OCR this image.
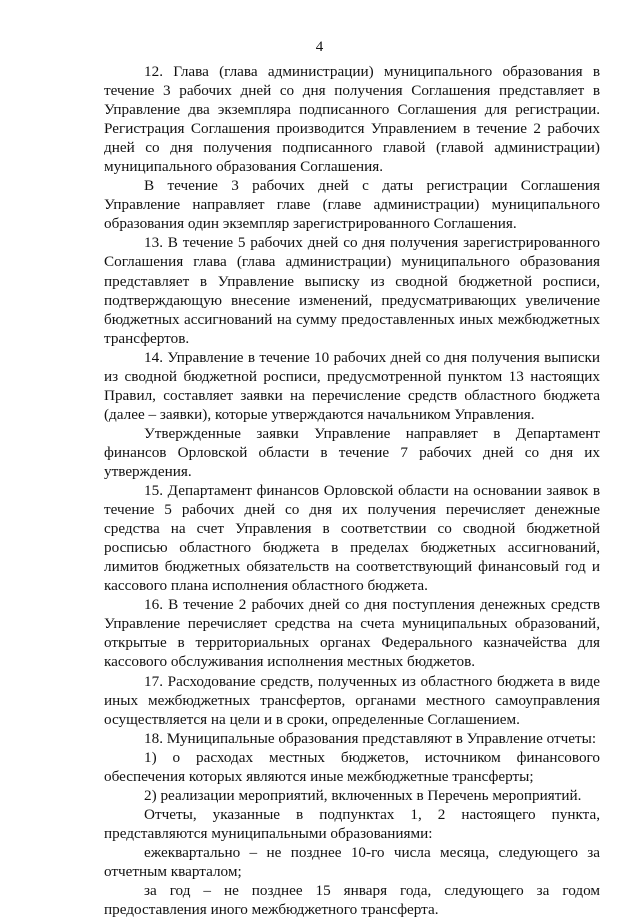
4

12. Глава (глава администрации) муниципального образования в течение 3 рабочих дней со дня получения Соглашения представляет в Управление два экземпляра подписанного Соглашения для регистрации. Регистрация Соглашения производится Управлением в течение 2 рабочих дней со дня получения подписанного главой (главой администрации) муниципального образования Соглашения.

В течение 3 рабочих дней с даты регистрации Соглашения Управление направляет главе (главе администрации) муниципального образования один экземпляр зарегистрированного Соглашения.

13. В течение 5 рабочих дней со дня получения зарегистрированного Соглашения глава (глава администрации) муниципального образования представляет в Управление выписку из сводной бюджетной росписи, подтверждающую внесение изменений, предусматривающих увеличение бюджетных ассигнований на сумму предоставленных иных межбюджетных трансфертов.

14. Управление в течение 10 рабочих дней со дня получения выписки из сводной бюджетной росписи, предусмотренной пунктом 13 настоящих Правил, составляет заявки на перечисление средств областного бюджета (далее – заявки), которые утверждаются начальником Управления.

Утвержденные заявки Управление направляет в Департамент финансов Орловской области в течение 7 рабочих дней со дня их утверждения.

15. Департамент финансов Орловской области на основании заявок в течение 5 рабочих дней со дня их получения перечисляет денежные средства на счет Управления в соответствии со сводной бюджетной росписью областного бюджета в пределах бюджетных ассигнований, лимитов бюджетных обязательств на соответствующий финансовый год и кассового плана исполнения областного бюджета.

16. В течение 2 рабочих дней со дня поступления денежных средств Управление перечисляет средства на счета муниципальных образований, открытые в территориальных органах Федерального казначейства для кассового обслуживания исполнения местных бюджетов.

17. Расходование средств, полученных из областного бюджета в виде иных межбюджетных трансфертов, органами местного самоуправления осуществляется на цели и в сроки, определенные Соглашением.

18. Муниципальные образования представляют в Управление отчеты:

1) о расходах местных бюджетов, источником финансового обеспечения которых являются иные межбюджетные трансферты;

2) реализации мероприятий, включенных в Перечень мероприятий.

Отчеты, указанные в подпунктах 1, 2 настоящего пункта, представляются муниципальными образованиями:

ежеквартально – не позднее 10-го числа месяца, следующего за отчетным кварталом;

за год – не позднее 15 января года, следующего за годом предоставления иного межбюджетного трансферта.
